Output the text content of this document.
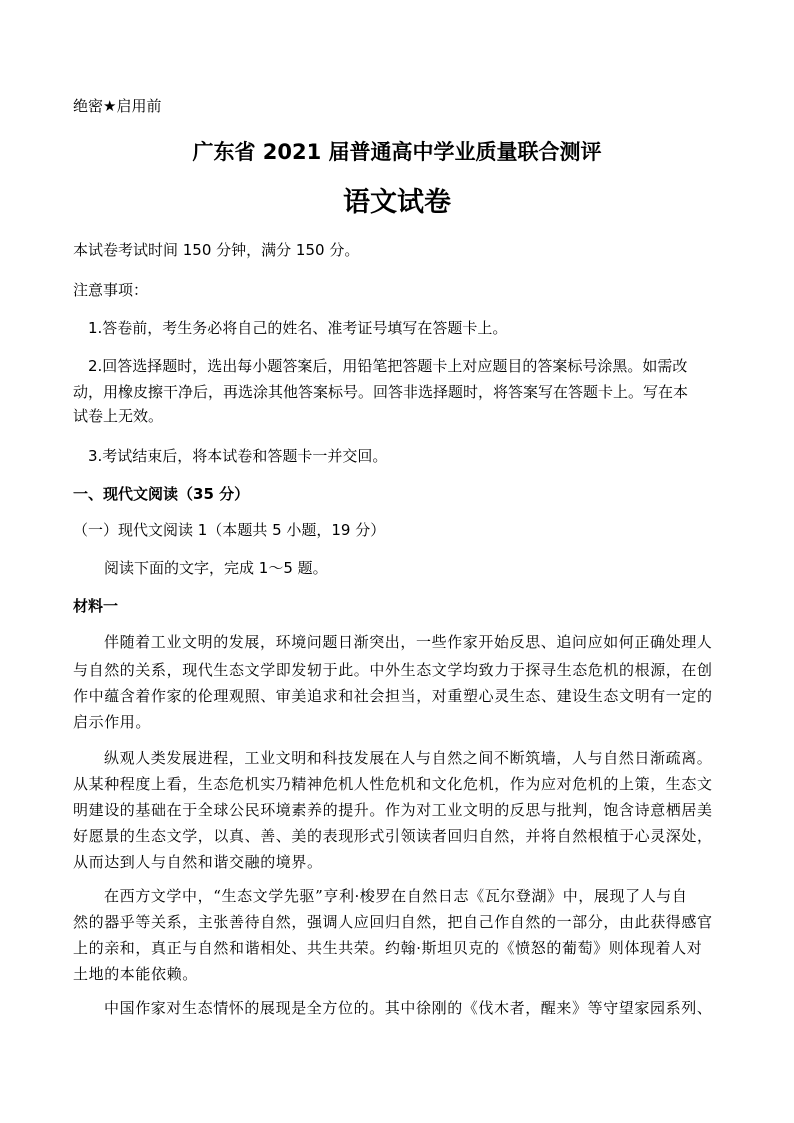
绝密★启用前
广东省 2021 届普通高中学业质量联合测评
语文试卷
本试卷考试时间 150 分钟，满分 150 分。
注意事项：
1.答卷前，考生务必将自己的姓名、准考证号填写在答题卡上。
2.回答选择题时，选出每小题答案后，用铅笔把答题卡上对应题目的答案标号涂黑。如需改
动，用橡皮擦干净后，再选涂其他答案标号。回答非选择题时，将答案写在答题卡上。写在本
试卷上无效。
3.考试结束后，将本试卷和答题卡一并交回。
一、现代文阅读（35 分）
（一）现代文阅读 1（本题共 5 小题，19 分）
阅读下面的文字，完成 1～5 题。
材料一
伴随着工业文明的发展，环境问题日渐突出，一些作家开始反思、追问应如何正确处理人
与自然的关系，现代生态文学即发轫于此。中外生态文学均致力于探寻生态危机的根源，在创
作中蕴含着作家的伦理观照、审美追求和社会担当，对重塑心灵生态、建设生态文明有一定的
启示作用。
纵观人类发展进程，工业文明和科技发展在人与自然之间不断筑墙，人与自然日渐疏离。
从某种程度上看，生态危机实乃精神危机人性危机和文化危机，作为应对危机的上策，生态文
明建设的基础在于全球公民环境素养的提升。作为对工业文明的反思与批判，饱含诗意栖居美
好愿景的生态文学，以真、善、美的表现形式引领读者回归自然，并将自然根植于心灵深处，
从而达到人与自然和谐交融的境界。
在西方文学中，“生态文学先驱”亨利·梭罗在自然日志《瓦尔登湖》中，展现了人与自
然的器乎等关系，主张善待自然，强调人应回归自然，把自己作自然的一部分，由此获得感官
上的亲和，真正与自然和谐相处、共生共荣。约翰·斯坦贝克的《愤怒的葡萄》则体现着人对
土地的本能依赖。
中国作家对生态情怀的展现是全方位的。其中徐刚的《伐木者，醒来》等守望家园系列、
